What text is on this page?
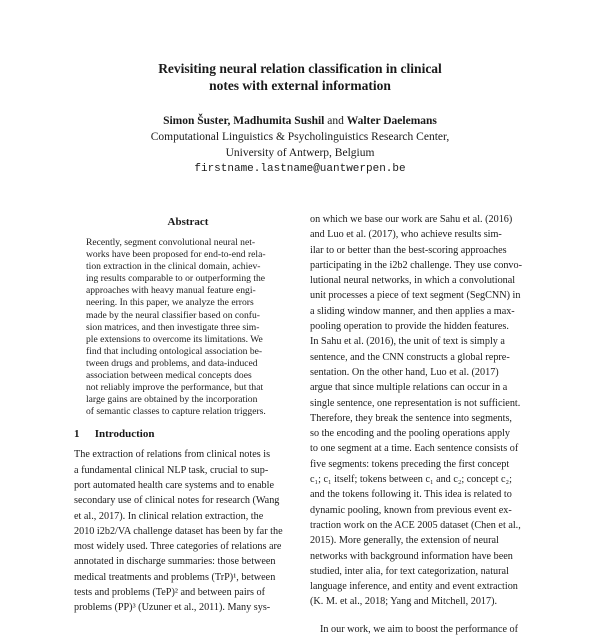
Revisiting neural relation classification in clinical
notes with external information
Simon Šuster, Madhumita Sushil and Walter Daelemans
Computational Linguistics & Psycholinguistics Research Center,
University of Antwerp, Belgium
firstname.lastname@uantwerpen.be
Abstract
Recently, segment convolutional neural net-
works have been proposed for end-to-end rela-
tion extraction in the clinical domain, achiev-
ing results comparable to or outperforming the
approaches with heavy manual feature engi-
neering. In this paper, we analyze the errors
made by the neural classifier based on confu-
sion matrices, and then investigate three sim-
ple extensions to overcome its limitations. We
find that including ontological association be-
tween drugs and problems, and data-induced
association between medical concepts does
not reliably improve the performance, but that
large gains are obtained by the incorporation
of semantic classes to capture relation triggers.
1 Introduction
The extraction of relations from clinical notes is
a fundamental clinical NLP task, crucial to sup-
port automated health care systems and to enable
secondary use of clinical notes for research (Wang
et al., 2017). In clinical relation extraction, the
2010 i2b2/VA challenge dataset has been by far the
most widely used. Three categories of relations are
annotated in discharge summaries: those between
medical treatments and problems (TrP)¹, between
tests and problems (TeP)² and between pairs of
problems (PP)³ (Uzuner et al., 2011). Many sys-
on which we base our work are Sahu et al. (2016)
and Luo et al. (2017), who achieve results sim-
ilar to or better than the best-scoring approaches
participating in the i2b2 challenge. They use convo-
lutional neural networks, in which a convolutional
unit processes a piece of text segment (SegCNN) in
a sliding window manner, and then applies a max-
pooling operation to provide the hidden features.
In Sahu et al. (2016), the unit of text is simply a
sentence, and the CNN constructs a global repre-
sentation. On the other hand, Luo et al. (2017)
argue that since multiple relations can occur in a
single sentence, one representation is not sufficient.
Therefore, they break the sentence into segments,
so the encoding and the pooling operations apply
to one segment at a time. Each sentence consists of
five segments: tokens preceding the first concept
c₁; c₁ itself; tokens between c₁ and c₂; concept c₂;
and the tokens following it. This idea is related to
dynamic pooling, known from previous event ex-
traction work on the ACE 2005 dataset (Chen et al.,
2015). More generally, the extension of neural
networks with background information have been
studied, inter alia, for text categorization, natural
language inference, and entity and event extraction
(K. M. et al., 2018; Yang and Mitchell, 2017).
In our work, we aim to boost the performance of
